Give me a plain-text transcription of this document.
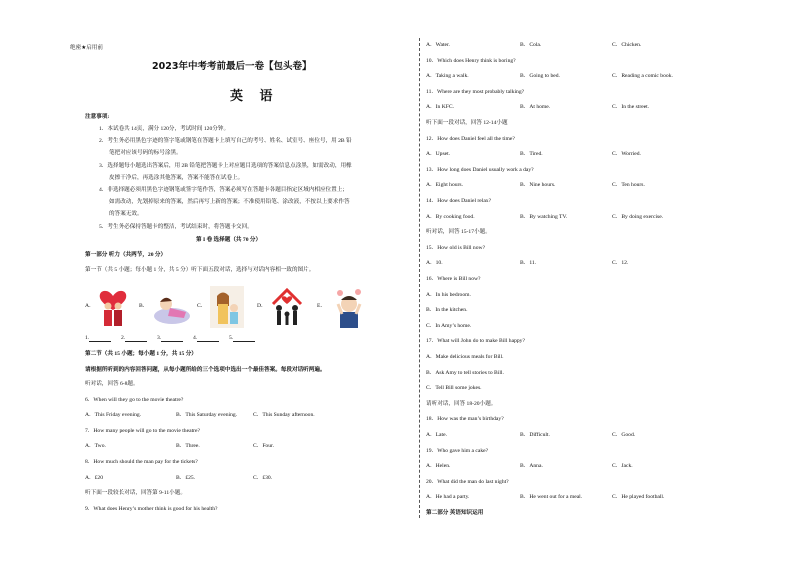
绝密★启用前
2023年中考考前最后一卷【包头卷】
英 语
注意事项:
1．本试卷共 14页，满分 120分，考试时间 120分钟。
2．考生务必用黑色字迹的签字笔或钢笔在答题卡上填写自己的考号、姓名、试室号、座位号，用 2B 铅
笔把对应该号码的标号涂黑。
3．选择题每小题选出答案后，用 2B 铅笔把答题卡上对应题目选项的答案信息点涂黑，如需改动，用橡
皮擦干净后，再选涂其他答案，答案不能答在试卷上。
4．非选择题必须用黑色字迹钢笔或签字笔作答，答案必须写在答题卡各题目指定区域内相应位置上；
如需改动，先划掉原来的答案，然后再写上新的答案；不准使用铅笔、涂改液，不按以上要求作答
的答案无效。
5．考生务必保持答题卡的整洁，考试结束时，将答题卡交回。
第 I 卷 选择题（共 70 分）
第一部分 听力（共两节，20 分）
第一节（共 5 小题；每小题 1 分，共 5 分）听下面五段对话，选择与对话内容相一致的图片。
A．	B．	C．	D．	E．
1.	2.	3.	4.	5.
第二节（共 15 小题；每小题 1 分，共 15 分）
请根据所听到的内容回答问题，从每小题所给的三个选项中选出一个最佳答案。每段对话听两遍。
听对话，回答 6-8题。
6．When will they go to the movie theatre?
A．This Friday evening.	B．This Saturday evening.	C．This Sunday afternoon.
7．How many people will go to the movie theatre?
A．Two.	B．Three.	C．Four.
8．How much should the man pay for the tickets?
A．£20	B．£25.	C．£30.
听下面一段较长对话，回答第 9-11小题。
9．What does Henry’s mother think is good for his health?
A．Water.	B．Cola.	C．Chicken.
10．Which does Henry think is boring?
A．Taking a walk.	B．Going to bed.	C．Reading a comic book.
11．Where are they most probably talking?
A．In KFC.	B．At home.	C．In the street.
听下面一段对话，回答 12-14小题
12．How does Daniel feel all the time?
A．Upset.	B．Tired.	C．Worried.
13．How long does Daniel usually work a day?
A．Eight hours.	B．Nine hours.	C．Ten hours.
14．How does Daniel relax?
A．By cooking food.	B．By watching TV.	C．By doing exercise.
听对话，回答 15-17小题。
15．How old is Bill now?
A．10.	B．11.	C．12.
16．Where is Bill now?
A．In his bedroom.
B．In the kitchen.
C．In Amy’s home.
17．What will John do to make Bill happy?
A．Make delicious meals for Bill.
B．Ask Amy to tell stories to Bill.
C．Tell Bill some jokes.
请听对话，回答 18-20小题。
18．How was the man’s birthday?
A．Late.	B．Difficult.	C．Good.
19．Who gave him a cake?
A．Helen.	B．Anna.	C．Jack.
20．What did the man do last night?
A．He had a party.	B．He went out for a meal.	C．He played football.
第二部分 英语知识运用
